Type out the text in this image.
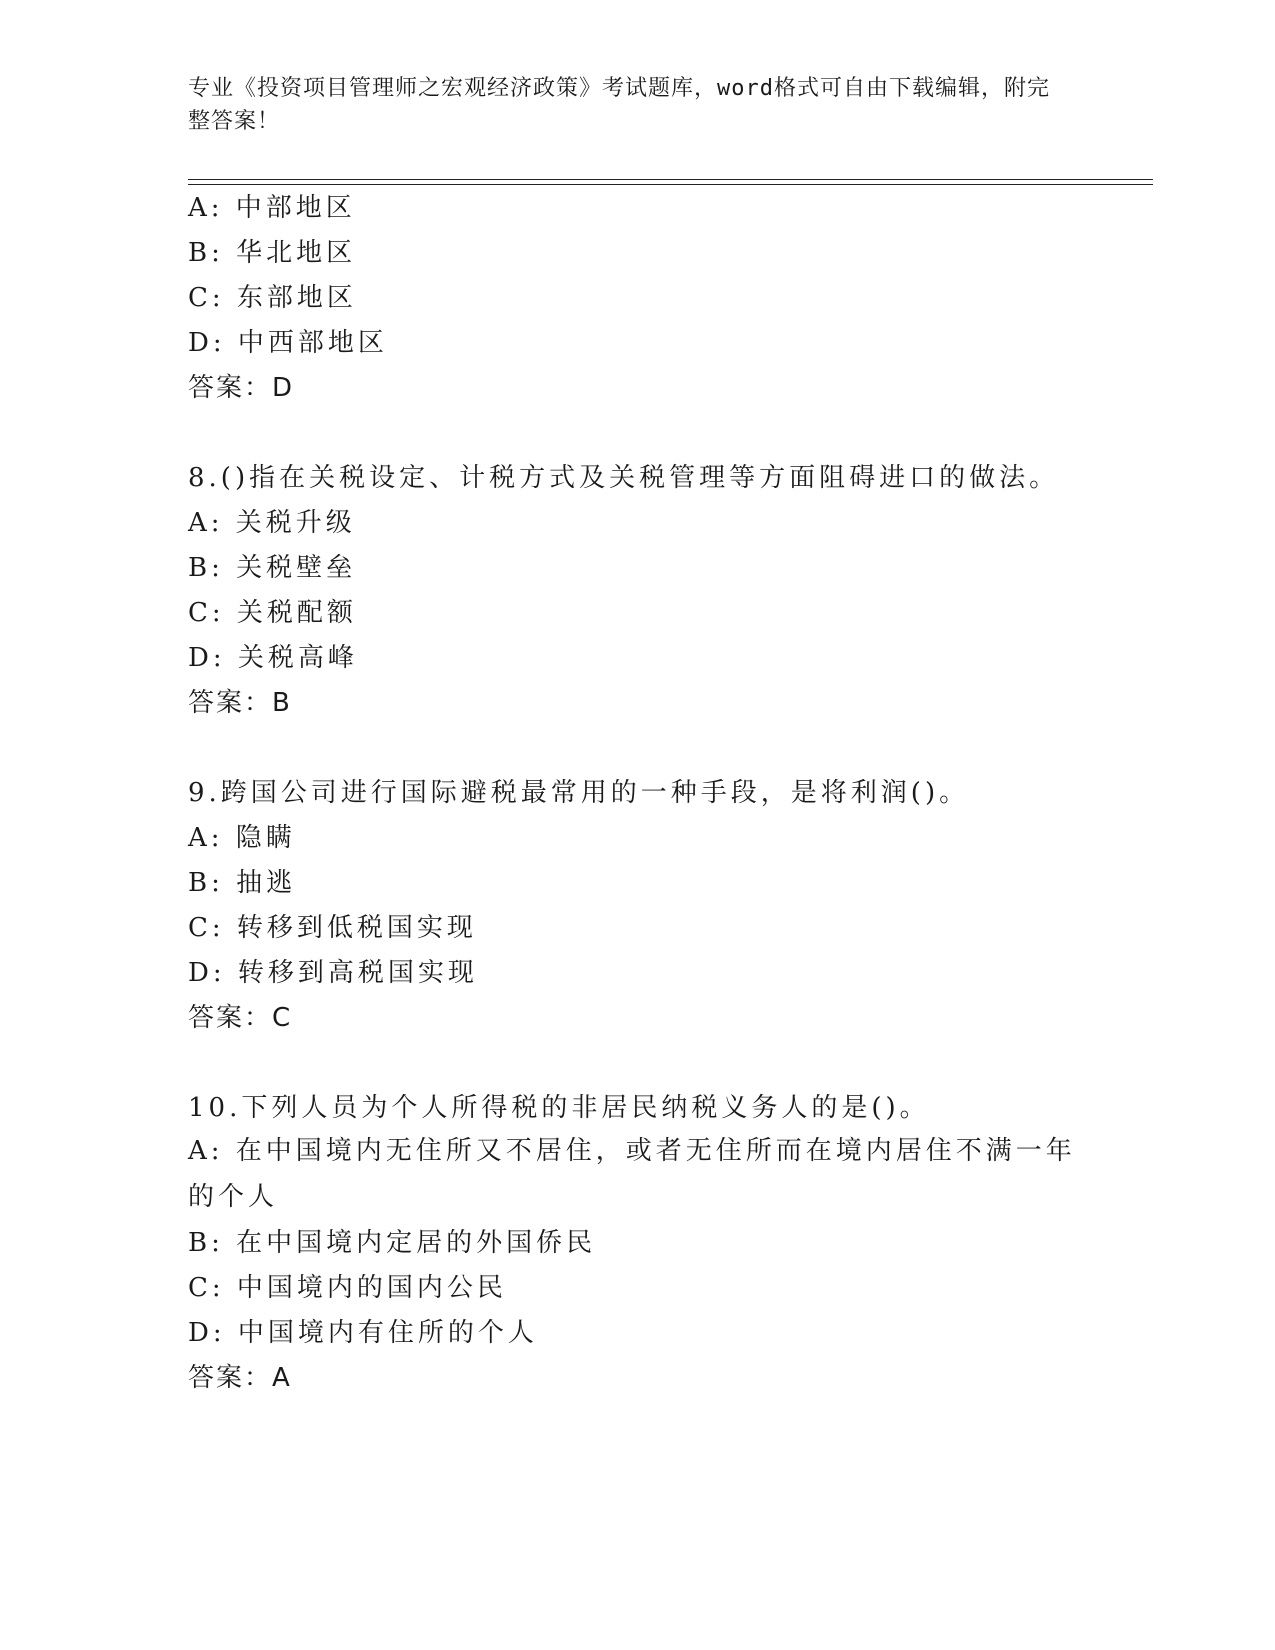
专业《投资项目管理师之宏观经济政策》考试题库，word格式可自由下载编辑，附完整答案！
A: 中部地区
B: 华北地区
C: 东部地区
D: 中西部地区
答案：D
8.()指在关税设定、计税方式及关税管理等方面阻碍进口的做法。
A: 关税升级
B: 关税壁垒
C: 关税配额
D: 关税高峰
答案：B
9.跨国公司进行国际避税最常用的一种手段，是将利润()。
A: 隐瞒
B: 抽逃
C: 转移到低税国实现
D: 转移到高税国实现
答案：C
10.下列人员为个人所得税的非居民纳税义务人的是()。
A: 在中国境内无住所又不居住，或者无住所而在境内居住不满一年的个人
B: 在中国境内定居的外国侨民
C: 中国境内的国内公民
D: 中国境内有住所的个人
答案：A
